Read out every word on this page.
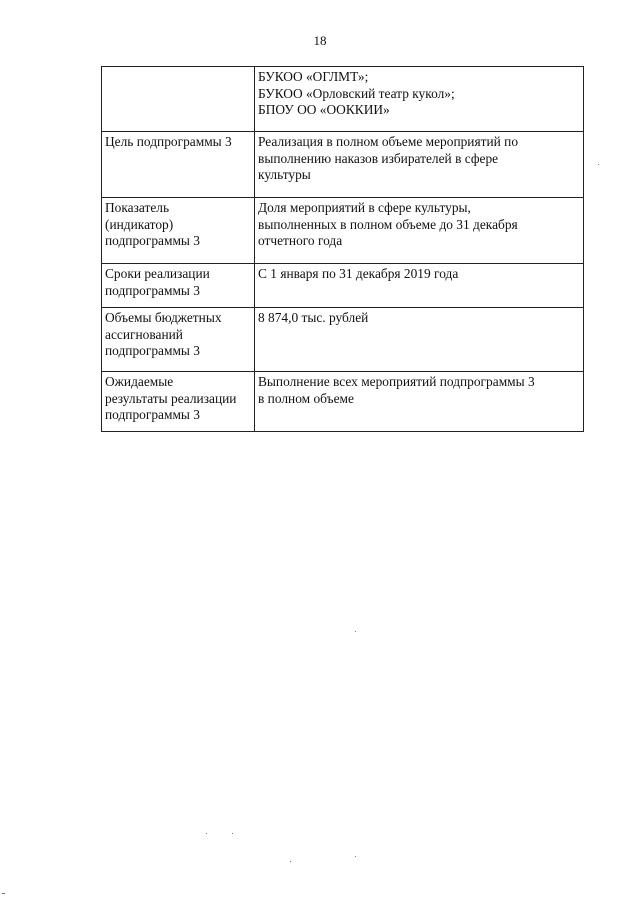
18

	БУКОО «ОГЛМТ»;
БУКОО «Орловский театр кукол»;
БПОУ ОО «ООККИИ»

Цель подпрограммы 3	Реализация в полном объеме мероприятий по
выполнению наказов избирателей в сфере
культуры

Показатель
(индикатор)
подпрограммы 3	Доля мероприятий в сфере культуры,
выполненных в полном объеме до 31 декабря
отчетного года

Сроки реализации
подпрограммы 3	С 1 января по 31 декабря 2019 года

Объемы бюджетных
ассигнований
подпрограммы 3	8 874,0 тыс. рублей

Ожидаемые
результаты реализации
подпрограммы 3	Выполнение всех мероприятий подпрограммы 3
в полном объеме
